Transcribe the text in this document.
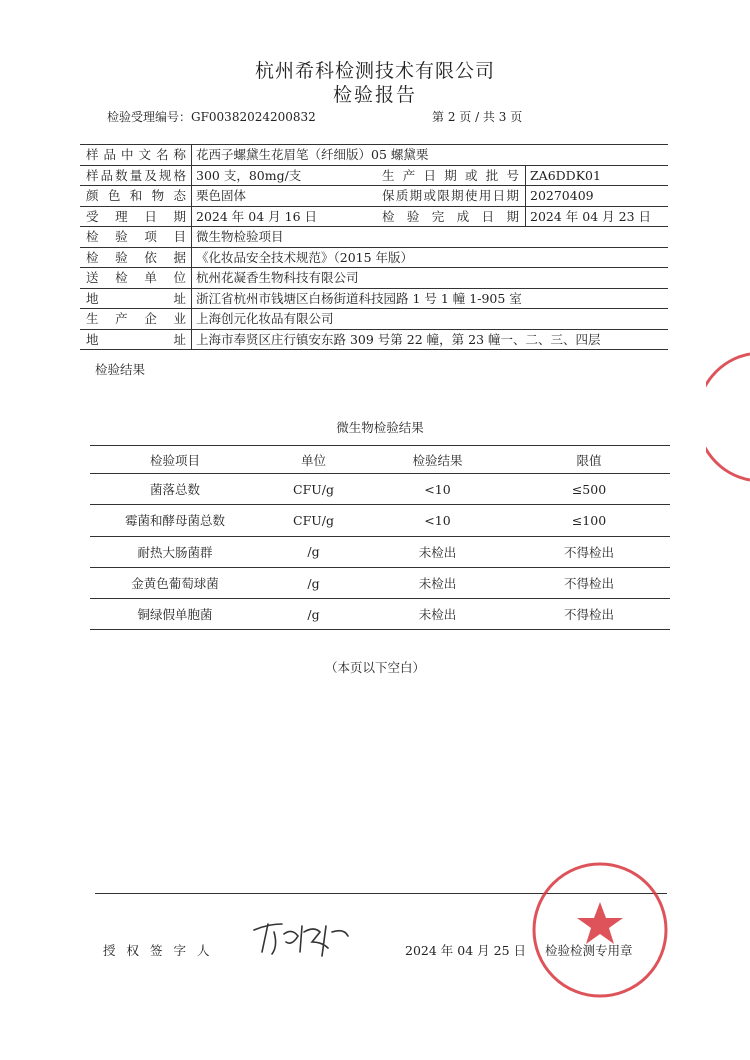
杭州希科检测技术有限公司
检验报告
检验受理编号：GF00382024200832	第 2 页 / 共 3 页
样品中文名称 花西子螺黛生花眉笔（纤细版）05 螺黛栗
样品数量及规格 300 支，80mg/支	生产日期或批号 ZA6DDK01
颜色和物态 栗色固体	保质期或限期使用日期 20270409
受理日期 2024 年 04 月 16 日	检验完成日期 2024 年 04 月 23 日
检验项目 微生物检验项目
检验依据 《化妆品安全技术规范》（2015 年版）
送检单位 杭州花凝香生物科技有限公司
地址 浙江省杭州市钱塘区白杨街道科技园路 1 号 1 幢 1-905 室
生产企业 上海创元化妆品有限公司
地址 上海市奉贤区庄行镇安东路 309 号第 22 幢，第 23 幢一、二、三、四层
检验结果
微生物检验结果
检验项目	单位	检验结果	限值
菌落总数	CFU/g	<10	≤500
霉菌和酵母菌总数	CFU/g	<10	≤100
耐热大肠菌群	/g	未检出	不得检出
金黄色葡萄球菌	/g	未检出	不得检出
铜绿假单胞菌	/g	未检出	不得检出
（本页以下空白）
授权签字人	2024 年 04 月 25 日 检验检测专用章
